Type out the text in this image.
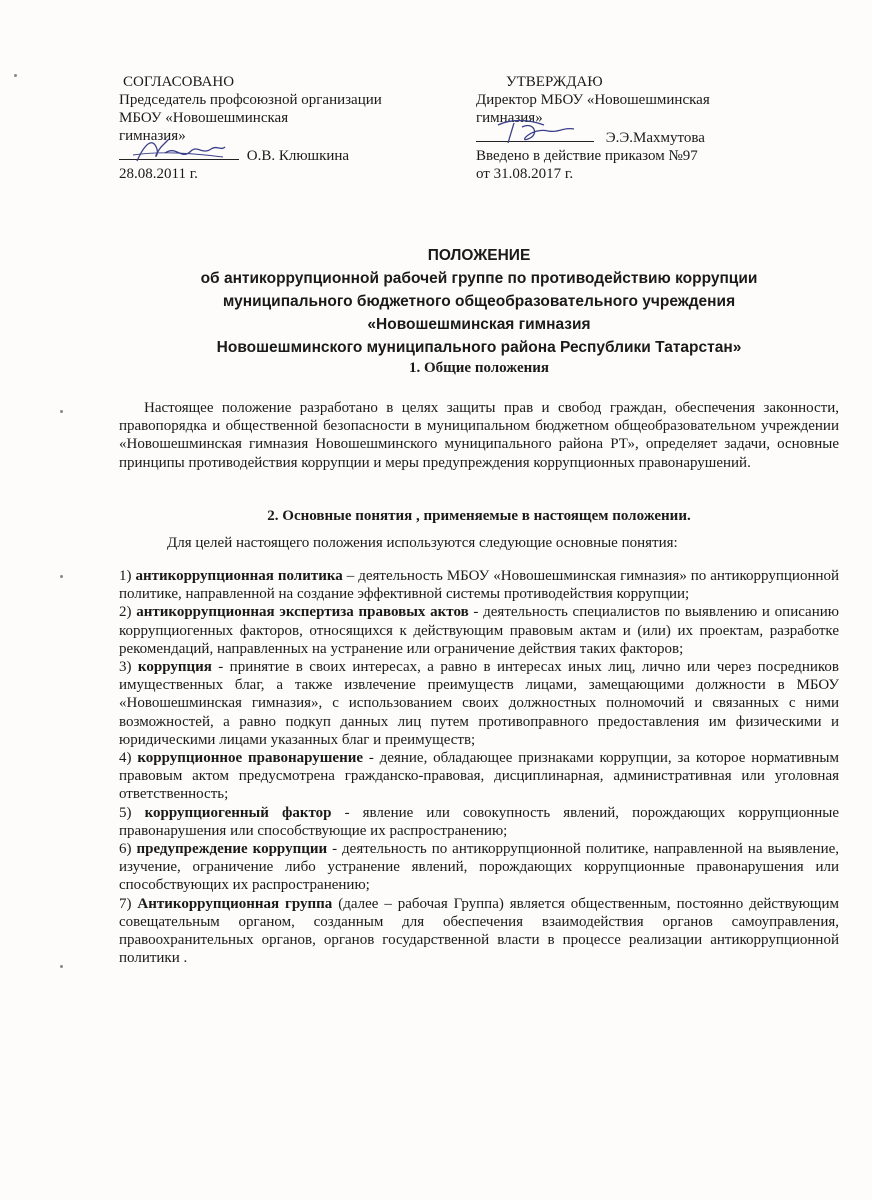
СОГЛАСОВАНО
Председатель профсоюзной организации
МБОУ «Новошешминская
гимназия»
О.В. Клюшкина
28.08.2011 г.
УТВЕРЖДАЮ
Директор МБОУ «Новошешминская
гимназия»
Э.Э.Махмутова
Введено в действие приказом №97
от 31.08.2017 г.
ПОЛОЖЕНИЕ
об антикоррупционной рабочей группе по противодействию коррупции
муниципального бюджетного общеобразовательного учреждения
«Новошешминская гимназия
Новошешминского муниципального района Республики Татарстан»
1. Общие положения
Настоящее положение разработано в целях защиты прав и свобод граждан, обеспечения законности, правопорядка и общественной безопасности в муниципальном бюджетном общеобразовательном учреждении «Новошешминская гимназия Новошешминского муниципального района РТ», определяет задачи, основные принципы противодействия коррупции и меры предупреждения коррупционных правонарушений.
2. Основные понятия , применяемые в настоящем положении.
Для целей настоящего положения используются следующие основные понятия:

1) антикоррупционная политика – деятельность МБОУ «Новошешминская гимназия» по антикоррупционной политике, направленной на создание эффективной системы противодействия коррупции;

2) антикоррупционная экспертиза правовых актов - деятельность специалистов по выявлению и описанию коррупциогенных факторов, относящихся к действующим правовым актам и (или) их проектам, разработке рекомендаций, направленных на устранение или ограничение действия таких факторов;

3) коррупция - принятие в своих интересах, а равно в интересах иных лиц, лично или через посредников имущественных благ, а также извлечение преимуществ лицами, замещающими должности в МБОУ «Новошешминская гимназия», с использованием своих должностных полномочий и связанных с ними возможностей, а равно подкуп данных лиц путем противоправного предоставления им физическими и юридическими лицами указанных благ и преимуществ;

4) коррупционное правонарушение - деяние, обладающее признаками коррупции, за которое нормативным правовым актом предусмотрена гражданско-правовая, дисциплинарная, административная или уголовная ответственность;

5) коррупциогенный фактор - явление или совокупность явлений, порождающих коррупционные правонарушения или способствующие их распространению;

6) предупреждение коррупции - деятельность по антикоррупционной политике, направленной на выявление, изучение, ограничение либо устранение явлений, порождающих коррупционные правонарушения или способствующих их распространению;

7) Антикоррупционная группа (далее – рабочая Группа) является общественным, постоянно действующим совещательным органом, созданным для обеспечения взаимодействия органов самоуправления, правоохранительных органов, органов государственной власти в процессе реализации антикоррупционной политики .
